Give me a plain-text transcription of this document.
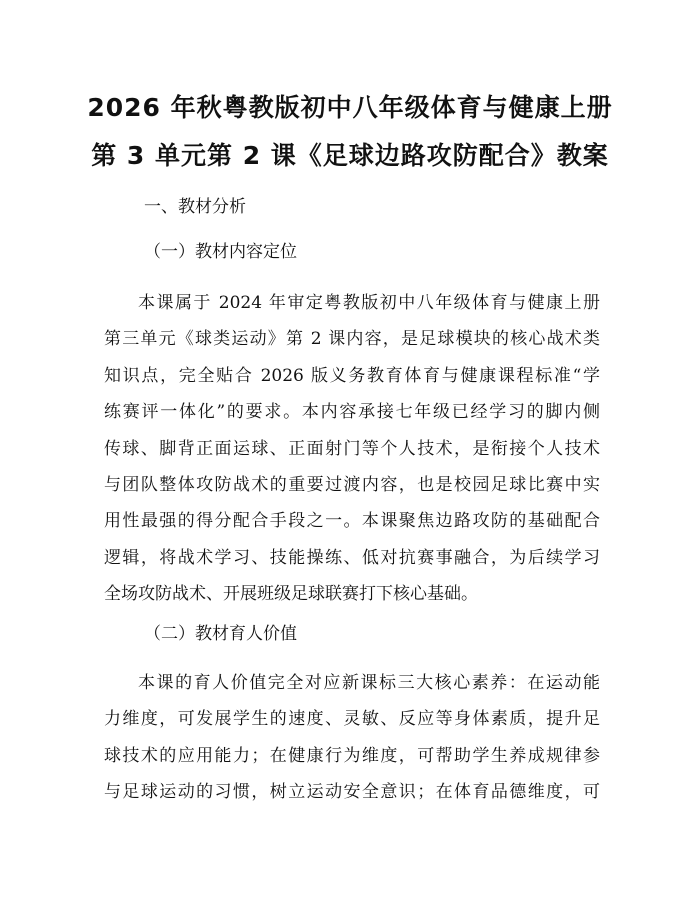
2026 年秋粤教版初中八年级体育与健康上册
第 3 单元第 2 课《足球边路攻防配合》教案
一、教材分析
（一）教材内容定位
本课属于 2024 年审定粤教版初中八年级体育与健康上册
第三单元《球类运动》第 2 课内容，是足球模块的核心战术类
知识点，完全贴合 2026 版义务教育体育与健康课程标准“学
练赛评一体化”的要求。本内容承接七年级已经学习的脚内侧
传球、脚背正面运球、正面射门等个人技术，是衔接个人技术
与团队整体攻防战术的重要过渡内容，也是校园足球比赛中实
用性最强的得分配合手段之一。本课聚焦边路攻防的基础配合
逻辑，将战术学习、技能操练、低对抗赛事融合，为后续学习
全场攻防战术、开展班级足球联赛打下核心基础。
（二）教材育人价值
本课的育人价值完全对应新课标三大核心素养：在运动能
力维度，可发展学生的速度、灵敏、反应等身体素质，提升足
球技术的应用能力；在健康行为维度，可帮助学生养成规律参
与足球运动的习惯，树立运动安全意识；在体育品德维度，可
